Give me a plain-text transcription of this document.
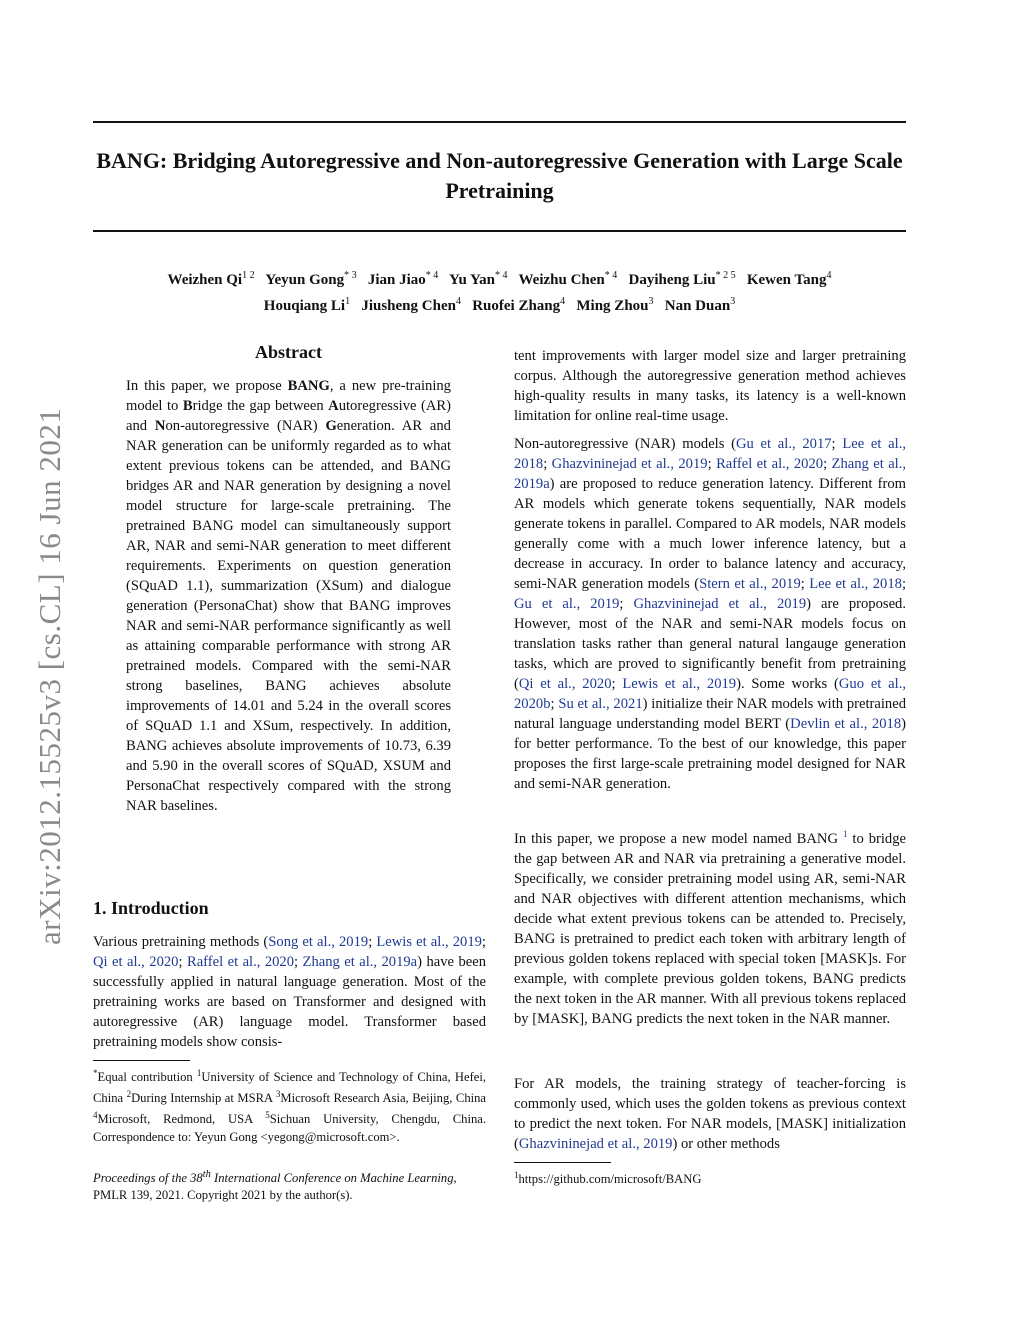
BANG: Bridging Autoregressive and Non-autoregressive Generation with Large Scale Pretraining
Weizhen $Qi^{1 2}$ Yeyun Gong$^{* 3}$ Jian Jiao$^{* 4}$ Yu Yan$^{* 4}$ Weizhu Chen$^{* 4}$ Dayiheng Liu$^{* 2 5}$ Kewen Tang$^4$
Houqiang Li$^1$ Jiusheng Chen$^4$ Ruofei Zhang$^4$ Ming Zhou$^3$ Nan Duan$^3$
arXiv:2012.15525v3 [cs.CL] 16 Jun 2021
Abstract

In this paper, we propose BANG, a new pre-training model to Bridge the gap between Autoregressive (AR) and Non-autoregressive (NAR) Generation. AR and NAR generation can be uniformly regarded as to what extent previous tokens can be attended, and BANG bridges AR and NAR generation by designing a novel model structure for large-scale pretraining. The pretrained BANG model can simultaneously support AR, NAR and semi-NAR generation to meet different requirements. Experiments on question generation (SQuAD 1.1), summarization (XSum) and dialogue generation (PersonaChat) show that BANG improves NAR and semi-NAR performance significantly as well as attaining comparable performance with strong AR pretrained models. Compared with the semi-NAR strong baselines, BANG achieves absolute improvements of 14.01 and 5.24 in the overall scores of SQuAD 1.1 and XSum, respectively. In addition, BANG achieves absolute improvements of 10.73, 6.39 and 5.90 in the overall scores of SQuAD, XSUM and PersonaChat respectively compared with the strong NAR baselines.

1. Introduction

Various pretraining methods (Song et al., 2019; Lewis et al., 2019; Qi et al., 2020; Raffel et al., 2020; Zhang et al., 2019a) have been successfully applied in natural language generation. Most of the pretraining works are based on Transformer and designed with autoregressive (AR) language model. Transformer based pretraining models show consis-

*Equal contribution $^1$University of Science and Technology of China, Hefei, China $^2$During Internship at MSRA $^3$Microsoft Research Asia, Beijing, China $^4$Microsoft, Redmond, USA $^5$Sichuan University, Chengdu, China. Correspondence to: Yeyun Gong <yegong@microsoft.com>.

Proceedings of the 38th International Conference on Machine Learning, PMLR 139, 2021. Copyright 2021 by the author(s).

tent improvements with larger model size and larger pretraining corpus. Although the autoregressive generation method achieves high-quality results in many tasks, its latency is a well-known limitation for online real-time usage.

Non-autoregressive (NAR) models (Gu et al., 2017; Lee et al., 2018; Ghazvininejad et al., 2019; Raffel et al., 2020; Zhang et al., 2019a) are proposed to reduce generation latency. Different from AR models which generate tokens sequentially, NAR models generate tokens in parallel. Compared to AR models, NAR models generally come with a much lower inference latency, but a decrease in accuracy. In order to balance latency and accuracy, semi-NAR generation models (Stern et al., 2019; Lee et al., 2018; Gu et al., 2019; Ghazvininejad et al., 2019) are proposed. However, most of the NAR and semi-NAR models focus on translation tasks rather than general natural langauge generation tasks, which are proved to significantly benefit from pretraining (Qi et al., 2020; Lewis et al., 2019). Some works (Guo et al., 2020b; Su et al., 2021) initialize their NAR models with pretrained natural language understanding model BERT (Devlin et al., 2018) for better performance. To the best of our knowledge, this paper proposes the first large-scale pretraining model designed for NAR and semi-NAR generation.

In this paper, we propose a new model named BANG $^1$ to bridge the gap between AR and NAR via pretraining a generative model. Specifically, we consider pretraining model using AR, semi-NAR and NAR objectives with different attention mechanisms, which decide what extent previous tokens can be attended to. Precisely, BANG is pretrained to predict each token with arbitrary length of previous golden tokens replaced with special token [MASK]s. For example, with complete previous golden tokens, BANG predicts the next token in the AR manner. With all previous tokens replaced by [MASK], BANG predicts the next token in the NAR manner.

For AR models, the training strategy of teacher-forcing is commonly used, which uses the golden tokens as previous context to predict the next token. For NAR models, [MASK] initialization (Ghazvininejad et al., 2019) or other methods

$^1$https://github.com/microsoft/BANG
